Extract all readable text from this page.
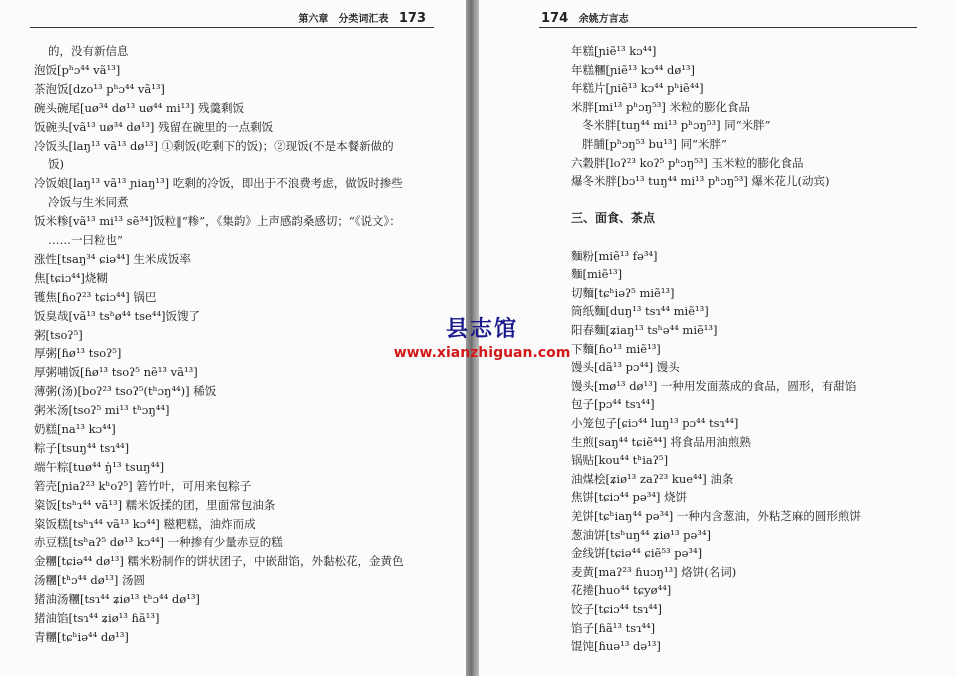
第六章　分类词汇表 173
的，没有新信息
泡饭[pʰɔ⁴⁴ vã¹³]
茶泡饭[dzo¹³ pʰɔ⁴⁴ vã¹³]
碗头碗尾[uø³⁴ dø¹³ uø⁴⁴ mi¹³] 残羹剩饭
饭碗头[vã¹³ uø³⁴ dø¹³] 残留在碗里的一点剩饭
冷饭头[laŋ¹³ vã¹³ dø¹³] ①剩饭(吃剩下的饭)；②现饭(不是本餐新做的
饭)
冷饭娘[laŋ¹³ vã¹³ ɲiaŋ¹³] 吃剩的冷饭，即出于不浪费考虑，做饭时掺些
冷饭与生米同煮
饭米糁[vã¹³ mi¹³ sẽ³⁴]饭粒‖“糁”，《集韵》上声感韵桑感切；“《说文》：
……一曰粒也”
涨性[tsaŋ³⁴ ɕiə⁴⁴] 生米成饭率
焦[tɕiɔ⁴⁴]烧糊
镬焦[ɦoʔ²³ tɕiɔ⁴⁴] 锅巴
饭臭哉[vã¹³ tsʰø⁴⁴ tse⁴⁴]饭馊了
粥[tsoʔ⁵]
厚粥[ɦø¹³ tsoʔ⁵]
厚粥哺饭[ɦø¹³ tsoʔ⁵ nẽ¹³ vã¹³]
薄粥(汤)[boʔ²³ tsoʔ⁵(tʰɔŋ⁴⁴)] 稀饭
粥米汤[tsoʔ⁵ mi¹³ tʰɔŋ⁴⁴]
奶糕[na¹³ kɔ⁴⁴]
粽子[tsuŋ⁴⁴ tsɿ⁴⁴]
端午粽[tuø⁴⁴ ŋ̍¹³ tsuŋ⁴⁴]
箬壳[ɲiaʔ²³ kʰoʔ⁵] 箬竹叶，可用来包粽子
粢饭[tsʰɿ⁴⁴ vã¹³] 糯米饭揉的团，里面常包油条
粢饭糕[tsʰɿ⁴⁴ vã¹³ kɔ⁴⁴] 糍粑糕，油炸而成
赤豆糕[tsʰaʔ⁵ dø¹³ kɔ⁴⁴] 一种掺有少量赤豆的糕
金糰[tɕiə⁴⁴ dø¹³] 糯米粉制作的饼状团子，中嵌甜馅，外黏松花，金黄色
汤糰[tʰɔ⁴⁴ dø¹³] 汤圆
猪油汤糰[tsɿ⁴⁴ ʑiø¹³ tʰɔ⁴⁴ dø¹³]
猪油馅[tsɿ⁴⁴ ʑiø¹³ ɦã¹³]
青糰[tɕʰiə⁴⁴ dø¹³]
174 余姚方言志
年糕[ɲiẽ¹³ kɔ⁴⁴]
年糕糰[ɲiẽ¹³ kɔ⁴⁴ dø¹³]
年糕片[ɲiẽ¹³ kɔ⁴⁴ pʰiẽ⁴⁴]
米胖[mi¹³ pʰɔŋ⁵³] 米粒的膨化食品
冬米胖[tuŋ⁴⁴ mi¹³ pʰɔŋ⁵³] 同“米胖”
胖脯[pʰɔŋ⁵³ bu¹³] 同“米胖”
六穀胖[loʔ²³ koʔ⁵ pʰɔŋ⁵³] 玉米粒的膨化食品
爆冬米胖[bɔ¹³ tuŋ⁴⁴ mi¹³ pʰɔŋ⁵³] 爆米花儿(动宾)
三、面食、茶点
麵粉[miẽ¹³ fə³⁴]
麵[miẽ¹³]
切麵[tɕʰiəʔ⁵ miẽ¹³]
筒纸麵[duŋ¹³ tsɿ⁴⁴ miẽ¹³]
阳春麵[ʑiaŋ¹³ tsʰə⁴⁴ miẽ¹³]
下麵[ɦo¹³ miẽ¹³]
馒头[dã¹³ pɔ⁴⁴] 馒头
馒头[mø¹³ dø¹³] 一种用发面蒸成的食品，圆形，有甜馅
包子[pɔ⁴⁴ tsɿ⁴⁴]
小笼包子[ɕiɔ⁴⁴ luŋ¹³ pɔ⁴⁴ tsɿ⁴⁴]
生煎[saŋ⁴⁴ tɕiẽ⁴⁴] 将食品用油煎熟
锅贴[kou⁴⁴ tʰiaʔ⁵]
油煤桧[ʑiø¹³ zaʔ²³ kue⁴⁴] 油条
焦饼[tɕiɔ⁴⁴ pə³⁴] 烧饼
羌饼[tɕʰiaŋ⁴⁴ pə³⁴] 一种内含葱油，外粘芝麻的圆形煎饼
葱油饼[tsʰuŋ⁴⁴ ʑiø¹³ pə³⁴]
金线饼[tɕiə⁴⁴ ɕiẽ⁵³ pə³⁴]
麦黄[maʔ²³ ɦuɔŋ¹³] 烙饼(名词)
花捲[huo⁴⁴ tɕyø⁴⁴]
饺子[tɕiɔ⁴⁴ tsɿ⁴⁴]
馅子[ɦã¹³ tsɿ⁴⁴]
馄饨[ɦuə¹³ də¹³]
县志馆
www.xianzhiguan.com
